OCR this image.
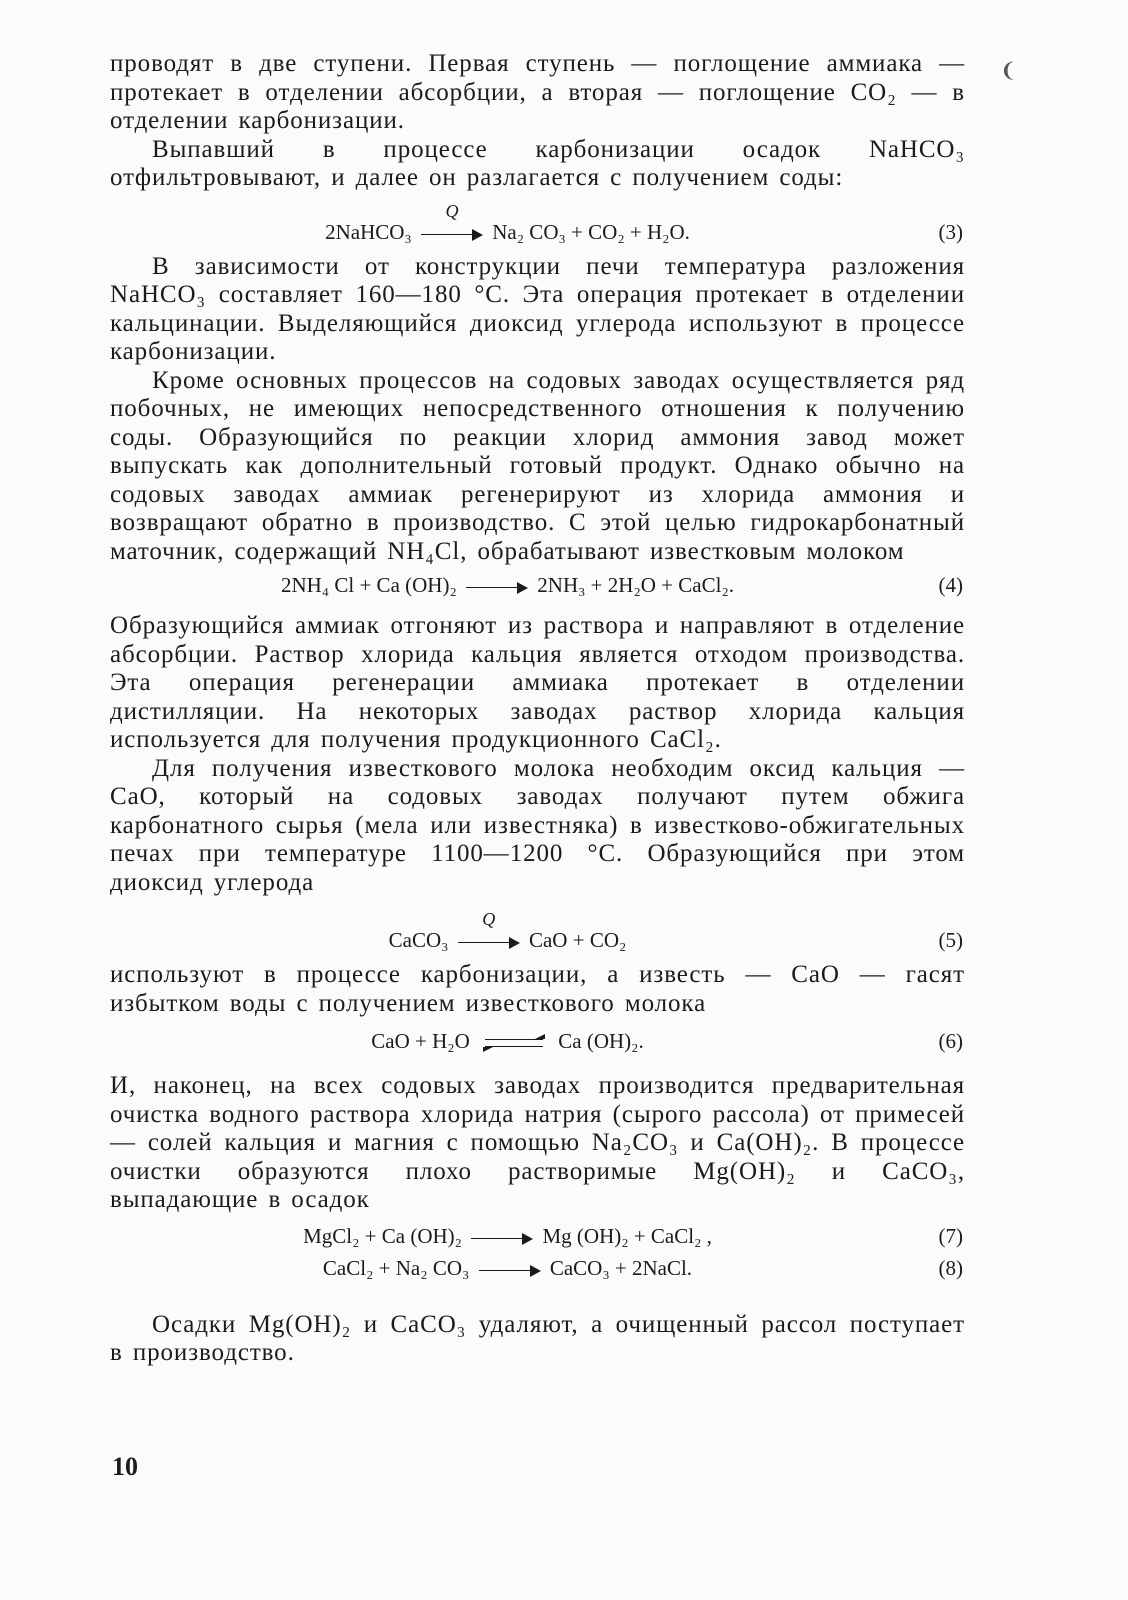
❨

проводят в две ступени. Первая ступень — поглощение аммиака — протекает в отделении абсорбции, а вторая — поглощение CO₂ — в отделении карбонизации.

Выпавший в процессе карбонизации осадок NaHCO₃ отфильтровывают, и далее он разлагается с получением соды:

2NaHCO₃
Q
Na₂ CO₃ + CO₂ + H₂O.	(3)

В зависимости от конструкции печи температура разложения NaHCO₃ составляет 160—180 °С. Эта операция протекает в отделении кальцинации. Выделяющийся диоксид углерода используют в процессе карбонизации.

Кроме основных процессов на содовых заводах осуществляется ряд побочных, не имеющих непосредственного отношения к получению соды. Образующийся по реакции хлорид аммония завод может выпускать как дополнительный готовый продукт. Однако обычно на содовых заводах аммиак регенерируют из хлорида аммония и возвращают обратно в производство. С этой целью гидрокарбонатный маточник, содержащий NH₄Cl, обрабатывают известковым молоком

2NH₄ Cl + Ca (OH)₂	2NH₃ + 2H₂O + CaCl₂.	(4)

Образующийся аммиак отгоняют из раствора и направляют в отделение абсорбции. Раствор хлорида кальция является отходом производства. Эта операция регенерации аммиака протекает в отделении дистилляции. На некоторых заводах раствор хлорида кальция используется для получения продукционного CaCl₂.

Для получения известкового молока необходим оксид кальция — CaO, который на содовых заводах получают путем обжига карбонатного сырья (мела или известняка) в известково-обжигательных печах при температуре 1100—1200 °С. Образующийся при этом диоксид углерода

CaCO₃
Q
CaO + CO₂	(5)

используют в процессе карбонизации, а известь — CaO — гасят избытком воды с получением известкового молока

CaO + H₂O	Ca (OH)₂.	(6)

И, наконец, на всех содовых заводах производится предварительная очистка водного раствора хлорида натрия (сырого рассола) от примесей — солей кальция и магния с помощью Na₂CO₃ и Ca(OH)₂. В процессе очистки образуются плохо растворимые Mg(OH)₂ и CaCO₃, выпадающие в осадок

MgCl₂ + Ca (OH)₂	Mg (OH)₂ + CaCl₂ ,	(7)
CaCl₂ + Na₂ CO₃	CaCO₃ + 2NaCl.	(8)

Осадки Mg(OH)₂ и CaCO₃ удаляют, а очищенный рассол поступает в производство.

10
